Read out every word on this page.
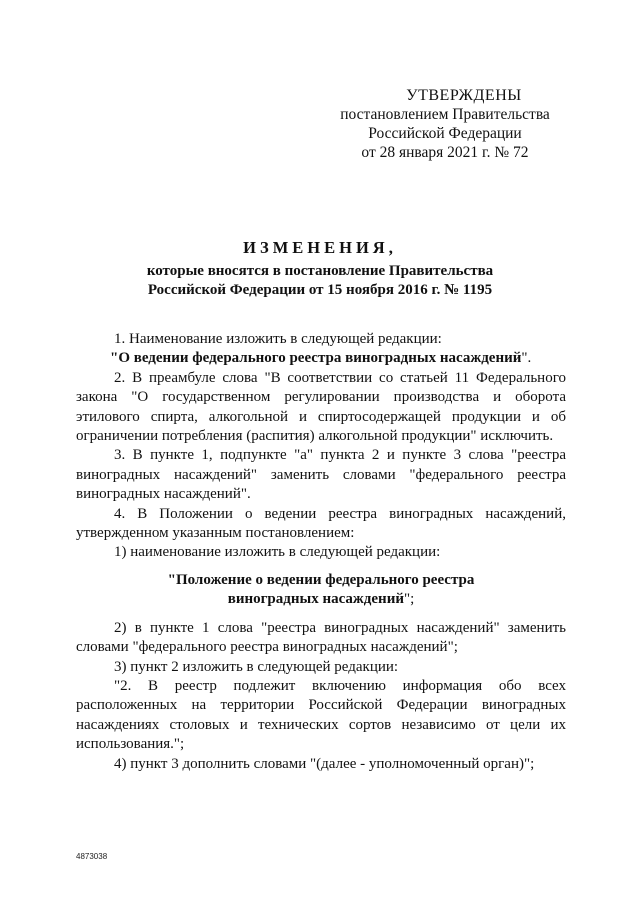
УТВЕРЖДЕНЫ
постановлением Правительства
Российской Федерации
от 28 января 2021 г. № 72
ИЗМЕНЕНИЯ,
которые вносятся в постановление Правительства
Российской Федерации от 15 ноября 2016 г. № 1195

1. Наименование изложить в следующей редакции:

"О ведении федерального реестра виноградных насаждений".

2. В преамбуле слова "В соответствии со статьей 11 Федерального закона "О государственном регулировании производства и оборота этилового спирта, алкогольной и спиртосодержащей продукции и об ограничении потребления (распития) алкогольной продукции" исключить.

3. В пункте 1, подпункте "а" пункта 2 и пункте 3 слова "реестра виноградных насаждений" заменить словами "федерального реестра виноградных насаждений".

4. В Положении о ведении реестра виноградных насаждений, утвержденном указанным постановлением:

1) наименование изложить в следующей редакции:

"Положение о ведении федерального реестра
виноградных насаждений";

2) в пункте 1 слова "реестра виноградных насаждений" заменить словами "федерального реестра виноградных насаждений";

3) пункт 2 изложить в следующей редакции:

"2. В реестр подлежит включению информация обо всех расположенных на территории Российской Федерации виноградных насаждениях столовых и технических сортов независимо от цели их использования.";

4) пункт 3 дополнить словами "(далее - уполномоченный орган)";

4873038
